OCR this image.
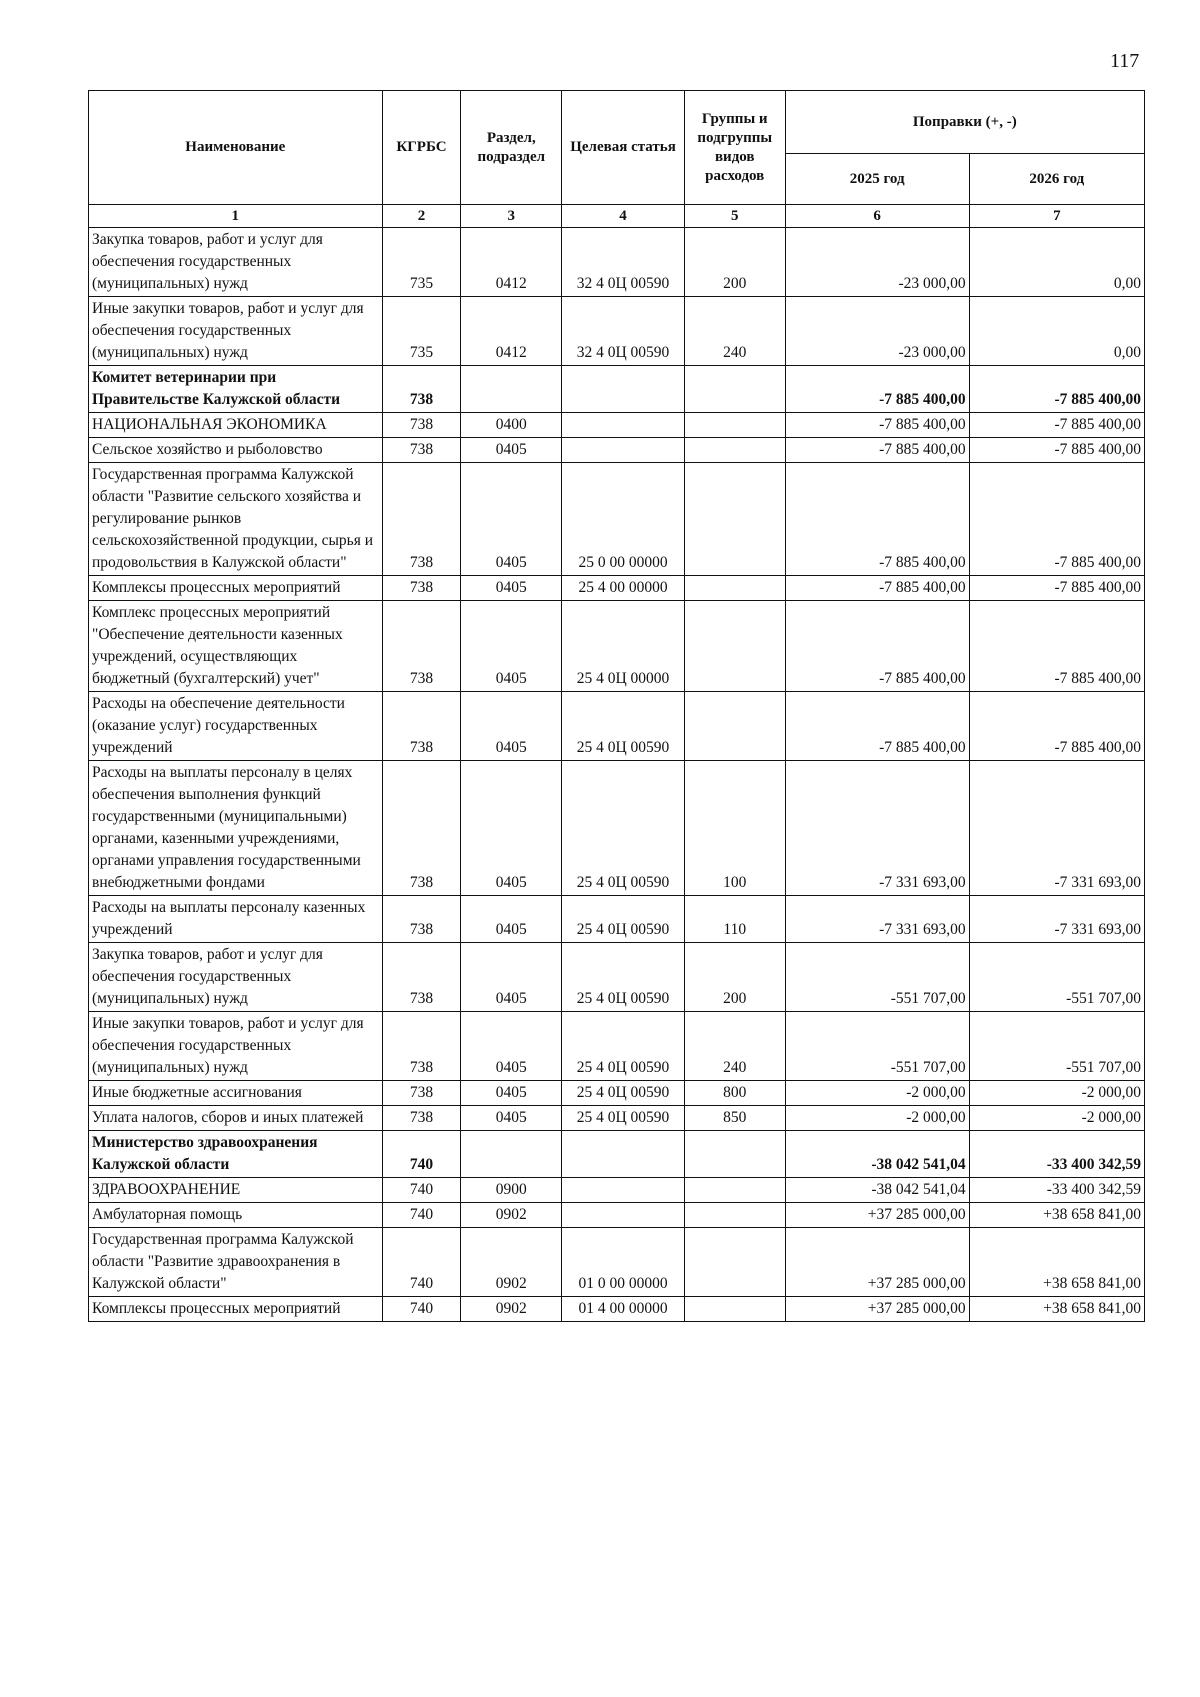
117
Наименование	КГРБС	Раздел, подраздел	Целевая статья	Группы и подгруппы видов расходов	Поправки (+, -)	
					2025 год	2026 год
1	2	3	4	5	6	7
Закупка товаров, работ и услуг для обеспечения государственных (муниципальных) нужд	735	0412	32 4 0Ц 00590	200	-23 000,00	0,00
Иные закупки товаров, работ и услуг для обеспечения государственных (муниципальных) нужд	735	0412	32 4 0Ц 00590	240	-23 000,00	0,00
Комитет ветеринарии при Правительстве Калужской области	738				-7 885 400,00	-7 885 400,00
НАЦИОНАЛЬНАЯ ЭКОНОМИКА	738	0400			-7 885 400,00	-7 885 400,00
Сельское хозяйство и рыболовство	738	0405			-7 885 400,00	-7 885 400,00
Государственная программа Калужской области "Развитие сельского хозяйства и регулирование рынков сельскохозяйственной продукции, сырья и продовольствия в Калужской области"	738	0405	25 0 00 00000		-7 885 400,00	-7 885 400,00
Комплексы процессных мероприятий	738	0405	25 4 00 00000		-7 885 400,00	-7 885 400,00
Комплекс процессных мероприятий "Обеспечение деятельности казенных учреждений, осуществляющих бюджетный (бухгалтерский) учет"	738	0405	25 4 0Ц 00000		-7 885 400,00	-7 885 400,00
Расходы на обеспечение деятельности (оказание услуг) государственных учреждений	738	0405	25 4 0Ц 00590		-7 885 400,00	-7 885 400,00
Расходы на выплаты персоналу в целях обеспечения выполнения функций государственными (муниципальными) органами, казенными учреждениями, органами управления государственными внебюджетными фондами	738	0405	25 4 0Ц 00590	100	-7 331 693,00	-7 331 693,00
Расходы на выплаты персоналу казенных учреждений	738	0405	25 4 0Ц 00590	110	-7 331 693,00	-7 331 693,00
Закупка товаров, работ и услуг для обеспечения государственных (муниципальных) нужд	738	0405	25 4 0Ц 00590	200	-551 707,00	-551 707,00
Иные закупки товаров, работ и услуг для обеспечения государственных (муниципальных) нужд	738	0405	25 4 0Ц 00590	240	-551 707,00	-551 707,00
Иные бюджетные ассигнования	738	0405	25 4 0Ц 00590	800	-2 000,00	-2 000,00
Уплата налогов, сборов и иных платежей	738	0405	25 4 0Ц 00590	850	-2 000,00	-2 000,00
Министерство здравоохранения Калужской области	740				-38 042 541,04	-33 400 342,59
ЗДРАВООХРАНЕНИЕ	740	0900			-38 042 541,04	-33 400 342,59
Амбулаторная помощь	740	0902			+37 285 000,00	+38 658 841,00
Государственная программа Калужской области "Развитие здравоохранения в Калужской области"	740	0902	01 0 00 00000		+37 285 000,00	+38 658 841,00
Комплексы процессных мероприятий	740	0902	01 4 00 00000		+37 285 000,00	+38 658 841,00
